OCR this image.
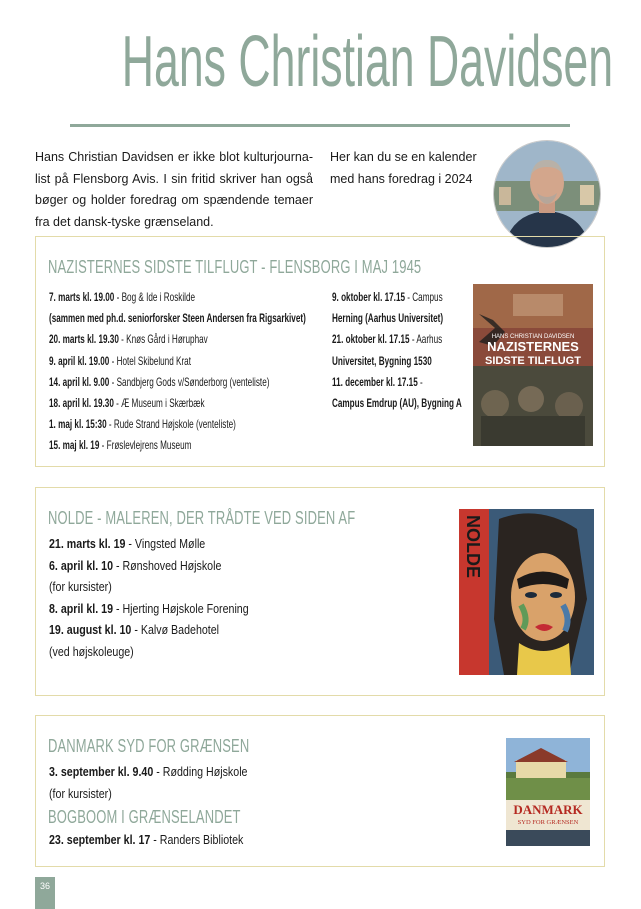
Hans Christian Davidsen
Hans Christian Davidsen er ikke blot kulturjourna-list på Flensborg Avis. I sin fritid skriver han også bøger og holder foredrag om spændende temaer fra det dansk-tyske grænseland.
Her kan du se en kalender med hans foredrag i 2024
NAZISTERNES SIDSTE TILFLUGT - FLENSBORG I MAJ 1945
7. marts kl. 19.00 - Bog & Ide i Roskilde
(sammen med ph.d. seniorforsker Steen Andersen fra Rigsarkivet)
20. marts kl. 19.30 - Knøs Gård i Høruphav
9. april kl. 19.00 - Hotel Skibelund Krat
14. april kl. 9.00 - Sandbjerg Gods v/Sønderborg (venteliste)
18. april kl. 19.30 - Æ Museum i Skærbæk
1. maj kl. 15:30 - Rude Strand Højskole (venteliste)
15. maj kl. 19 - Frøslevlejrens Museum
9. oktober kl. 17.15 - Campus
Herning (Aarhus Universitet)
21. oktober kl. 17.15 - Aarhus
Universitet, Bygning 1530
11. december kl. 17.15 -
Campus Emdrup (AU), Bygning A
HANS CHRISTIAN DAVIDSEN
NAZISTERNES
SIDSTE TILFLUGT
NOLDE - MALEREN, DER TRÅDTE VED SIDEN AF
21. marts kl. 19 - Vingsted Mølle
6. april kl. 10 - Rønshoved Højskole
(for kursister)
8. april kl. 19 - Hjerting Højskole Forening
19. august kl. 10 - Kalvø Badehotel
(ved højskoleuge)
NOLDE
DANMARK SYD FOR GRÆNSEN
3. september kl. 9.40 - Rødding Højskole
(for kursister)
BOGBOOM I GRÆNSELANDET
23. september kl. 17 - Randers Bibliotek
DANMARK
SYD FOR GRÆNSEN
36
